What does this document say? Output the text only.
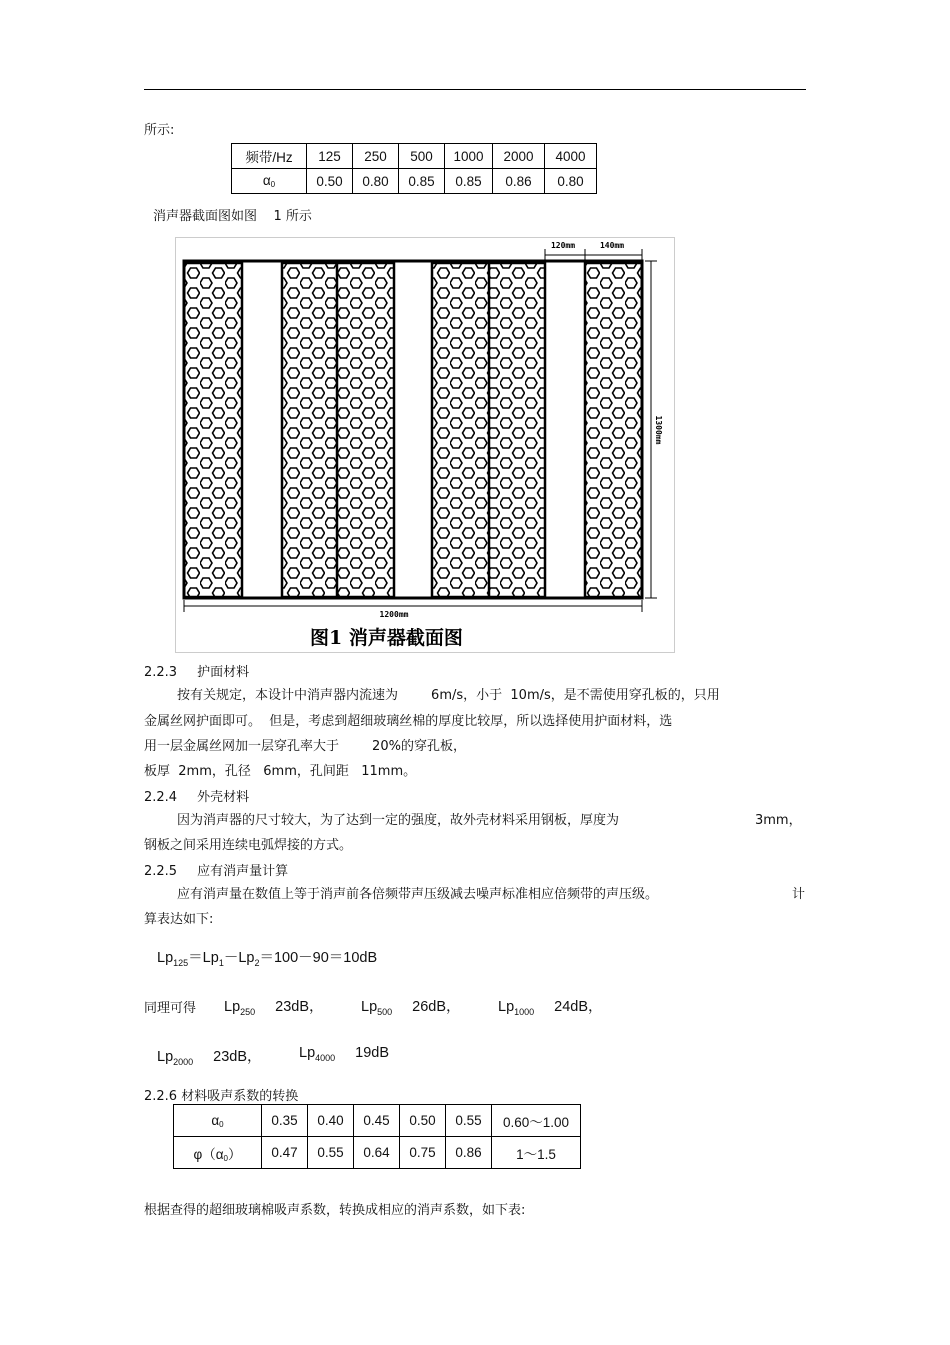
所示:
频带/Hz	125	250	500	1000	2000	4000
$\alpha_0$	0.50	0.80	0.85	0.85	0.86	0.80
消声器截面图如图    1 所示
120mm	140mm
1300mm
1200mm
图1 消声器截面图
2.2.3 护面材料
按有关规定，本设计中消声器内流速为        6m/s，小于  10m/s，是不需使用穿孔板的，只用
金属丝网护面即可。  但是，考虑到超细玻璃丝棉的厚度比较厚，所以选择使用护面材料，选
用一层金属丝网加一层穿孔率大于        20%的穿孔板，
板厚  2mm，孔径   6mm，孔间距   11mm。
2.2.4 外壳材料
因为消声器的尺寸较大，为了达到一定的强度，故外壳材料采用钢板，厚度为	3mm，
钢板之间采用连续电弧焊接的方式。
2.2.5 应有消声量计算
应有消声量在数值上等于消声前各倍频带声压级减去噪声标准相应倍频带的声压级。	计
算表达如下:
$Lp_{125}=Lp_1-Lp_2=100-90=10dB$
同理可得 $Lp_{250}$ 23dB，	$Lp_{500}$ 26dB，	$Lp_{1000}$ 24dB，
$Lp_{2000}$ 23dB，	$Lp_{4000}$ 19dB
2.2.6 材料吸声系数的转换
$\alpha_0$	0.35	0.40	0.45	0.50	0.55	0.60～1.00
$\varphi(\alpha_0)$	0.47	0.55	0.64	0.75	0.86	1～1.5
根据查得的超细玻璃棉吸声系数，转换成相应的消声系数，如下表:
